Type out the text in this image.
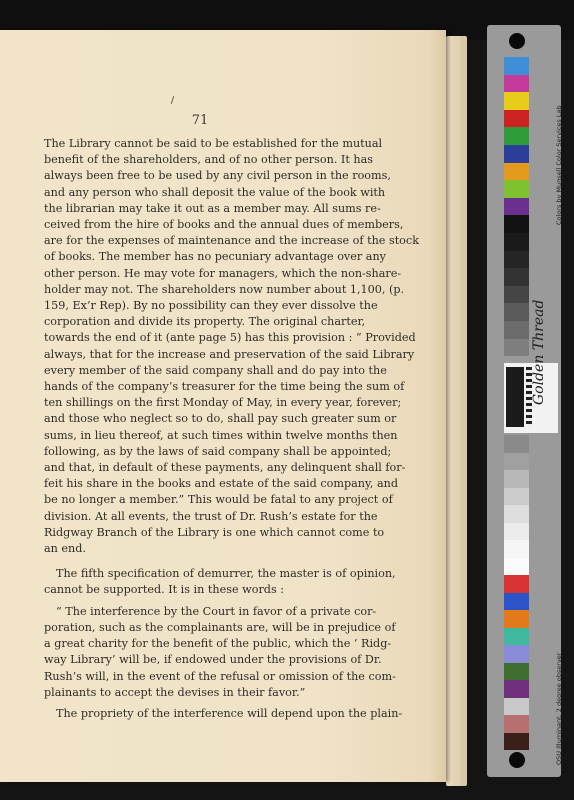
71
The Library cannot be said to be established for the mutual
benefit of the shareholders, and of no other person. It has
always been free to be used by any civil person in the rooms,
and any person who shall deposit the value of the book with
the librarian may take it out as a member may. All sums re-
ceived from the hire of books and the annual dues of members,
are for the expenses of maintenance and the increase of the stock
of books. The member has no pecuniary advantage over any
other person. He may vote for managers, which the non-share-
holder may not. The shareholders now number about 1,100, (p.
159, Ex’r Rep). By no possibility can they ever dissolve the
corporation and divide its property. The original charter,
towards the end of it (ante page 5) has this provision : “ Provided
always, that for the increase and preservation of the said Library
every member of the said company shall and do pay into the
hands of the company’s treasurer for the time being the sum of
ten shillings on the first Monday of May, in every year, forever;
and those who neglect so to do, shall pay such greater sum or
sums, in lieu thereof, at such times within twelve months then
following, as by the laws of said company shall be appointed;
and that, in default of these payments, any delinquent shall for-
feit his share in the books and estate of the said company, and
be no longer a member.” This would be fatal to any project of
division. At all events, the trust of Dr. Rush’s estate for the
Ridgway Branch of the Library is one which cannot come to
an end.
The fifth specification of demurrer, the master is of opinion,
cannot be supported. It is in these words :
“ The interference by the Court in favor of a private cor-
poration, such as the complainants are, will be in prejudice of
a great charity for the benefit of the public, which the ‘ Ridg-
way Library’ will be, if endowed under the provisions of Dr.
Rush’s will, in the event of the refusal or omission of the com-
plainants to accept the devises in their favor.”
The propriety of the interference will depend upon the plain-
Golden Thread
Colors by Munsell Color Services Lab
OSU Illuminant, 2 degree observer
